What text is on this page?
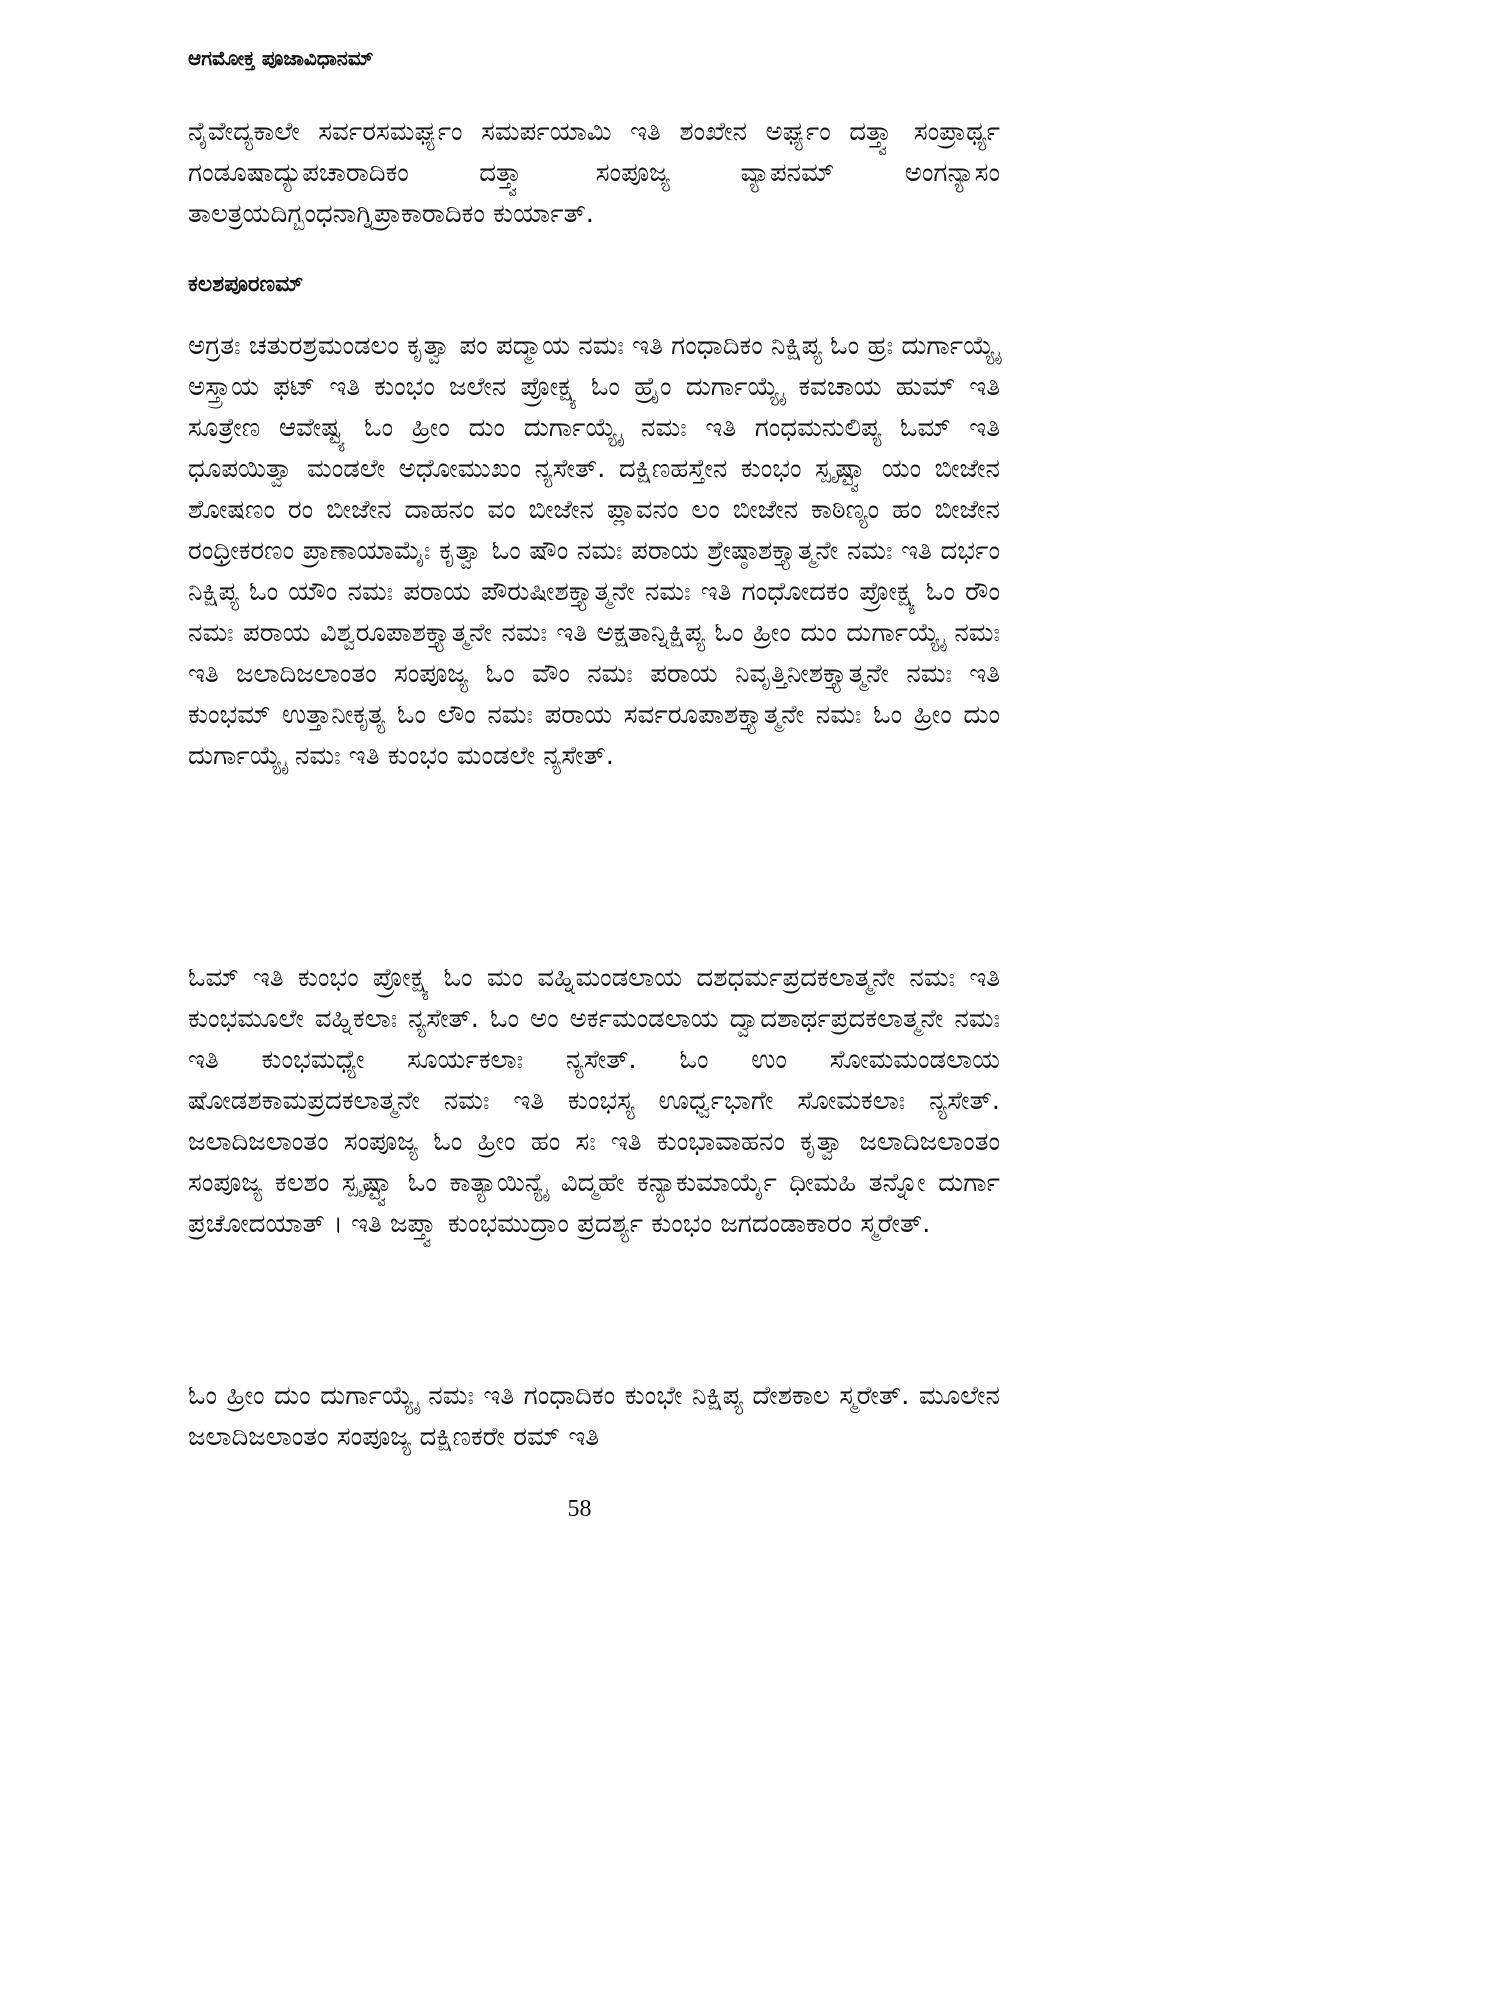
ಆಗಮೋಕ್ತ ಪೂಜಾವಿಧಾನಮ್

ನೈವೇದ್ಯಕಾಲೇ ಸರ್ವರಸಮರ್ಘ್ಯಂ ಸಮರ್ಪಯಾಮಿ ಇತಿ ಶಂಖೇನ ಅರ್ಘ್ಯಂ ದತ್ತ್ವಾ ಸಂಪ್ರಾರ್ಥ್ಯ ಗಂಡೂಷಾದ್ಯುಪಚಾರಾದಿಕಂ ದತ್ತ್ವಾ ಸಂಪೂಜ್ಯ ವ್ಯಾಪನಮ್ ಅಂಗನ್ಯಾಸಂ ತಾಲತ್ರಯದಿಗ್ಬಂಧನಾಗ್ನಿಪ್ರಾಕಾರಾದಿಕಂ ಕುರ್ಯಾತ್.

ಕಲಶಪೂರಣಮ್

ಅಗ್ರತಃ ಚತುರಶ್ರಮಂಡಲಂ ಕೃತ್ವಾ ಪಂ ಪದ್ಮಾಯ ನಮಃ ಇತಿ ಗಂಧಾದಿಕಂ ನಿಕ್ಷಿಪ್ಯ ಓಂ ಹ್ರಃ ದುರ್ಗಾಯ್ಯೈ ಅಸ್ತ್ರಾಯ ಫಟ್ ಇತಿ ಕುಂಭಂ ಜಲೇನ ಪ್ರೋಕ್ಷ್ಯ ಓಂ ಹ್ರೈಂ ದುರ್ಗಾಯ್ಯೈ ಕವಚಾಯ ಹುಮ್ ಇತಿ ಸೂತ್ರೇಣ ಆವೇಷ್ಟ್ಯ ಓಂ ಹ್ರೀಂ ದುಂ ದುರ್ಗಾಯ್ಯೈ ನಮಃ ಇತಿ ಗಂಧಮನುಲಿಪ್ಯ ಓಮ್ ಇತಿ ಧೂಪಯಿತ್ವಾ ಮಂಡಲೇ ಅಧೋಮುಖಂ ನ್ಯಸೇತ್. ದಕ್ಷಿಣಹಸ್ತೇನ ಕುಂಭಂ ಸ್ಪೃಷ್ಟ್ವಾ ಯಂ ಬೀಜೇನ ಶೋಷಣಂ ರಂ ಬೀಜೇನ ದಾಹನಂ ವಂ ಬೀಜೇನ ಪ್ಲಾವನಂ ಲಂ ಬೀಜೇನ ಕಾಠಿಣ್ಯಂ ಹಂ ಬೀಜೇನ ರಂಧ್ರೀಕರಣಂ ಪ್ರಾಣಾಯಾಮೈಃ ಕೃತ್ವಾ ಓಂ ಷೌಂ ನಮಃ ಪರಾಯ ಶ್ರೇಷ್ಠಾಶಕ್ತ್ಯಾತ್ಮನೇ ನಮಃ ಇತಿ ದರ್ಭಂ ನಿಕ್ಷಿಪ್ಯ ಓಂ ಯೌಂ ನಮಃ ಪರಾಯ ಪೌರುಷೀಶಕ್ತ್ಯಾತ್ಮನೇ ನಮಃ ಇತಿ ಗಂಧೋದಕಂ ಪ್ರೋಕ್ಷ್ಯ ಓಂ ರೌಂ ನಮಃ ಪರಾಯ ವಿಶ್ವರೂಪಾಶಕ್ತ್ಯಾತ್ಮನೇ ನಮಃ ಇತಿ ಅಕ್ಷತಾನ್ನಿಕ್ಷಿಪ್ಯ ಓಂ ಹ್ರೀಂ ದುಂ ದುರ್ಗಾಯ್ಯೈ ನಮಃ ಇತಿ ಜಲಾದಿಜಲಾಂತಂ ಸಂಪೂಜ್ಯ ಓಂ ವೌಂ ನಮಃ ಪರಾಯ ನಿವೃತ್ತಿನೀಶಕ್ತ್ಯಾತ್ಮನೇ ನಮಃ ಇತಿ ಕುಂಭಮ್ ಉತ್ತಾನೀಕೃತ್ಯ ಓಂ ಲೌಂ ನಮಃ ಪರಾಯ ಸರ್ವರೂಪಾಶಕ್ತ್ಯಾತ್ಮನೇ ನಮಃ ಓಂ ಹ್ರೀಂ ದುಂ ದುರ್ಗಾಯ್ಯೈ ನಮಃ ಇತಿ ಕುಂಭಂ ಮಂಡಲೇ ನ್ಯಸೇತ್.

ಓಮ್ ಇತಿ ಕುಂಭಂ ಪ್ರೋಕ್ಷ್ಯ ಓಂ ಮಂ ವಹ್ನಿಮಂಡಲಾಯ ದಶಧರ್ಮಪ್ರದಕಲಾತ್ಮನೇ ನಮಃ ಇತಿ ಕುಂಭಮೂಲೇ ವಹ್ನಿಕಲಾಃ ನ್ಯಸೇತ್. ಓಂ ಅಂ ಅರ್ಕಮಂಡಲಾಯ ದ್ವಾದಶಾರ್ಥಪ್ರದಕಲಾತ್ಮನೇ ನಮಃ ಇತಿ ಕುಂಭಮಧ್ಯೇ ಸೂರ್ಯಕಲಾಃ ನ್ಯಸೇತ್. ಓಂ ಉಂ ಸೋಮಮಂಡಲಾಯ ಷೋಡಶಕಾಮಪ್ರದಕಲಾತ್ಮನೇ ನಮಃ ಇತಿ ಕುಂಭಸ್ಯ ಊರ್ಧ್ವಭಾಗೇ ಸೋಮಕಲಾಃ ನ್ಯಸೇತ್. ಜಲಾದಿಜಲಾಂತಂ ಸಂಪೂಜ್ಯ ಓಂ ಹ್ರೀಂ ಹಂ ಸಃ ಇತಿ ಕುಂಭಾವಾಹನಂ ಕೃತ್ವಾ ಜಲಾದಿಜಲಾಂತಂ ಸಂಪೂಜ್ಯ ಕಲಶಂ ಸ್ಪೃಷ್ಟ್ವಾ ಓಂ ಕಾತ್ಯಾಯಿನ್ಯೈ ವಿದ್ಮಹೇ ಕನ್ಯಾಕುಮಾರ್ಯೈ ಧೀಮಹಿ ತನ್ನೋ ದುರ್ಗಾ ಪ್ರಚೋದಯಾತ್ । ಇತಿ ಜಪ್ತ್ವಾ ಕುಂಭಮುದ್ರಾಂ ಪ್ರದರ್ಶ್ಯ ಕುಂಭಂ ಜಗದಂಡಾಕಾರಂ ಸ್ಮರೇತ್.

ಓಂ ಹ್ರೀಂ ದುಂ ದುರ್ಗಾಯ್ಯೈ ನಮಃ ಇತಿ ಗಂಧಾದಿಕಂ ಕುಂಭೇ ನಿಕ್ಷಿಪ್ಯ ದೇಶಕಾಲ ಸ್ಮರೇತ್. ಮೂಲೇನ ಜಲಾದಿಜಲಾಂತಂ ಸಂಪೂಜ್ಯ ದಕ್ಷಿಣಕರೇ ರಮ್ ಇತಿ

58
